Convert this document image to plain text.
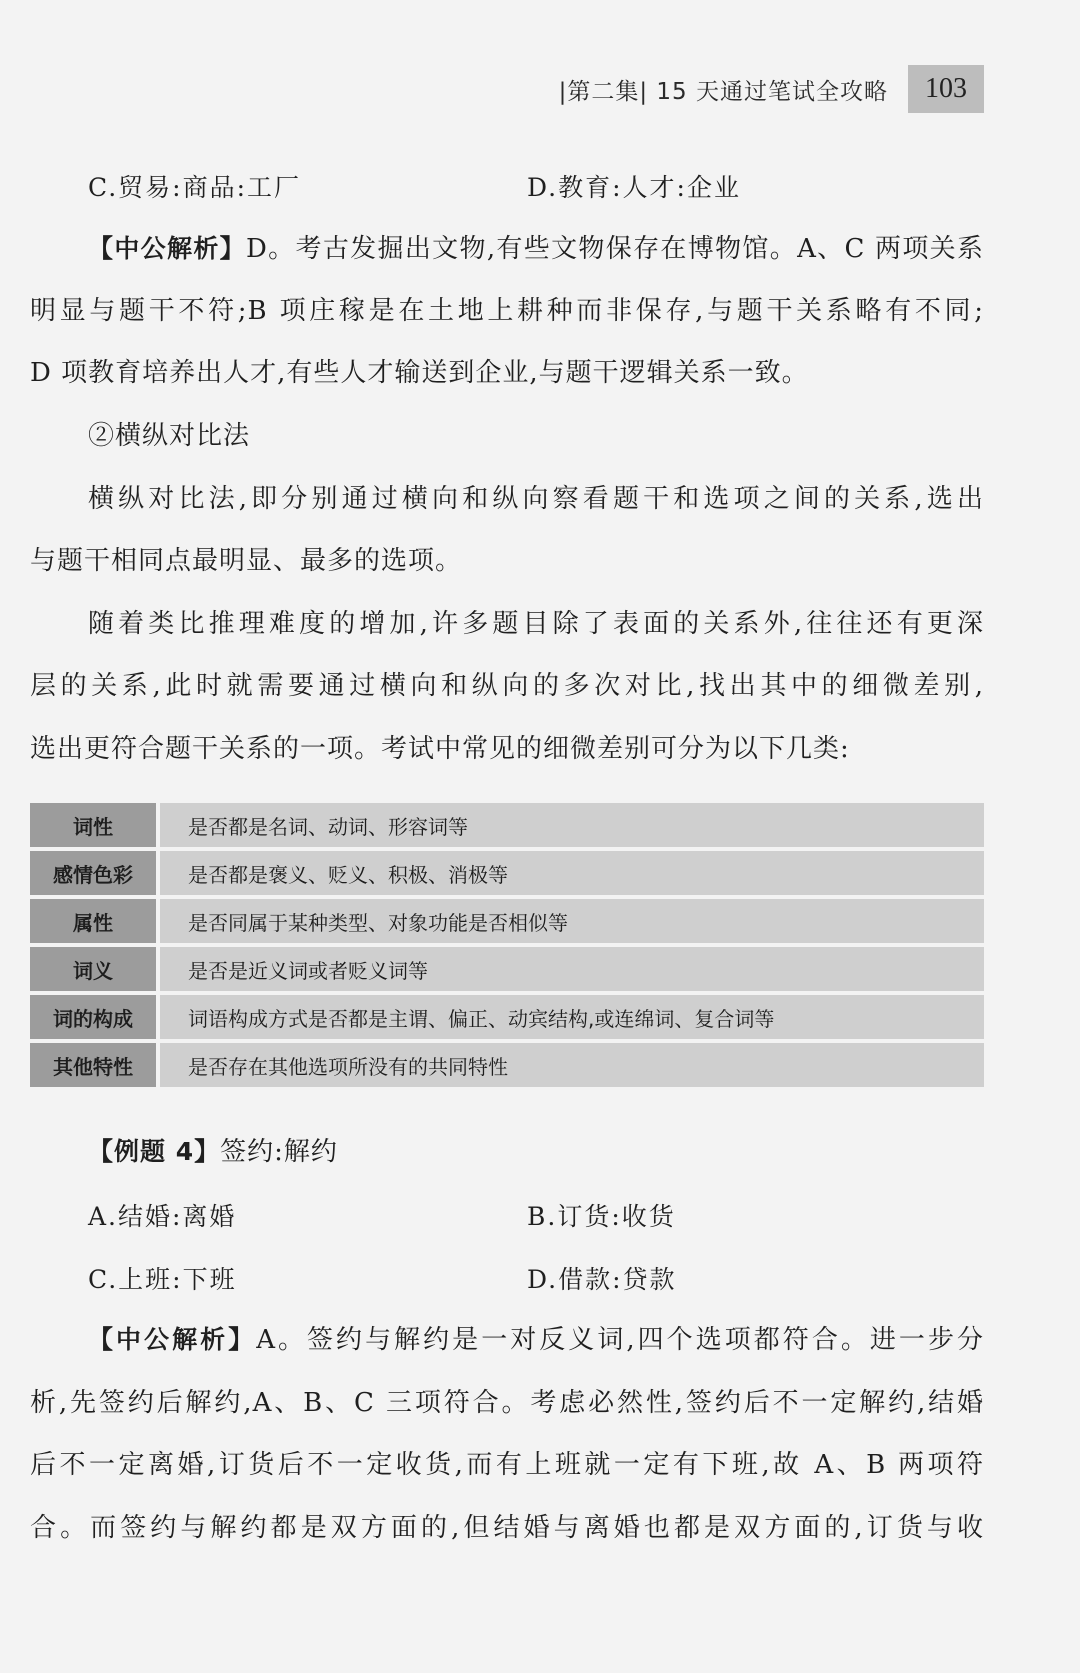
|第二集| 15 天通过笔试全攻略	103
C.贸易:商品:工厂	D.教育:人才:企业
【中公解析】D。考古发掘出文物,有些文物保存在博物馆。A、C 两项关系
明显与题干不符;B 项庄稼是在土地上耕种而非保存,与题干关系略有不同;
D 项教育培养出人才,有些人才输送到企业,与题干逻辑关系一致。
②横纵对比法
横纵对比法,即分别通过横向和纵向察看题干和选项之间的关系,选出
与题干相同点最明显、最多的选项。
随着类比推理难度的增加,许多题目除了表面的关系外,往往还有更深
层的关系,此时就需要通过横向和纵向的多次对比,找出其中的细微差别,
选出更符合题干关系的一项。考试中常见的细微差别可分为以下几类:
词性	是否都是名词、动词、形容词等
感情色彩	是否都是褒义、贬义、积极、消极等
属性	是否同属于某种类型、对象功能是否相似等
词义	是否是近义词或者贬义词等
词的构成	词语构成方式是否都是主谓、偏正、动宾结构,或连绵词、复合词等
其他特性	是否存在其他选项所没有的共同特性
【例题 4】签约:解约
A.结婚:离婚	B.订货:收货
C.上班:下班	D.借款:贷款
【中公解析】A。签约与解约是一对反义词,四个选项都符合。进一步分
析,先签约后解约,A、B、C 三项符合。考虑必然性,签约后不一定解约,结婚
后不一定离婚,订货后不一定收货,而有上班就一定有下班,故 A、B 两项符
合。而签约与解约都是双方面的,但结婚与离婚也都是双方面的,订货与收
